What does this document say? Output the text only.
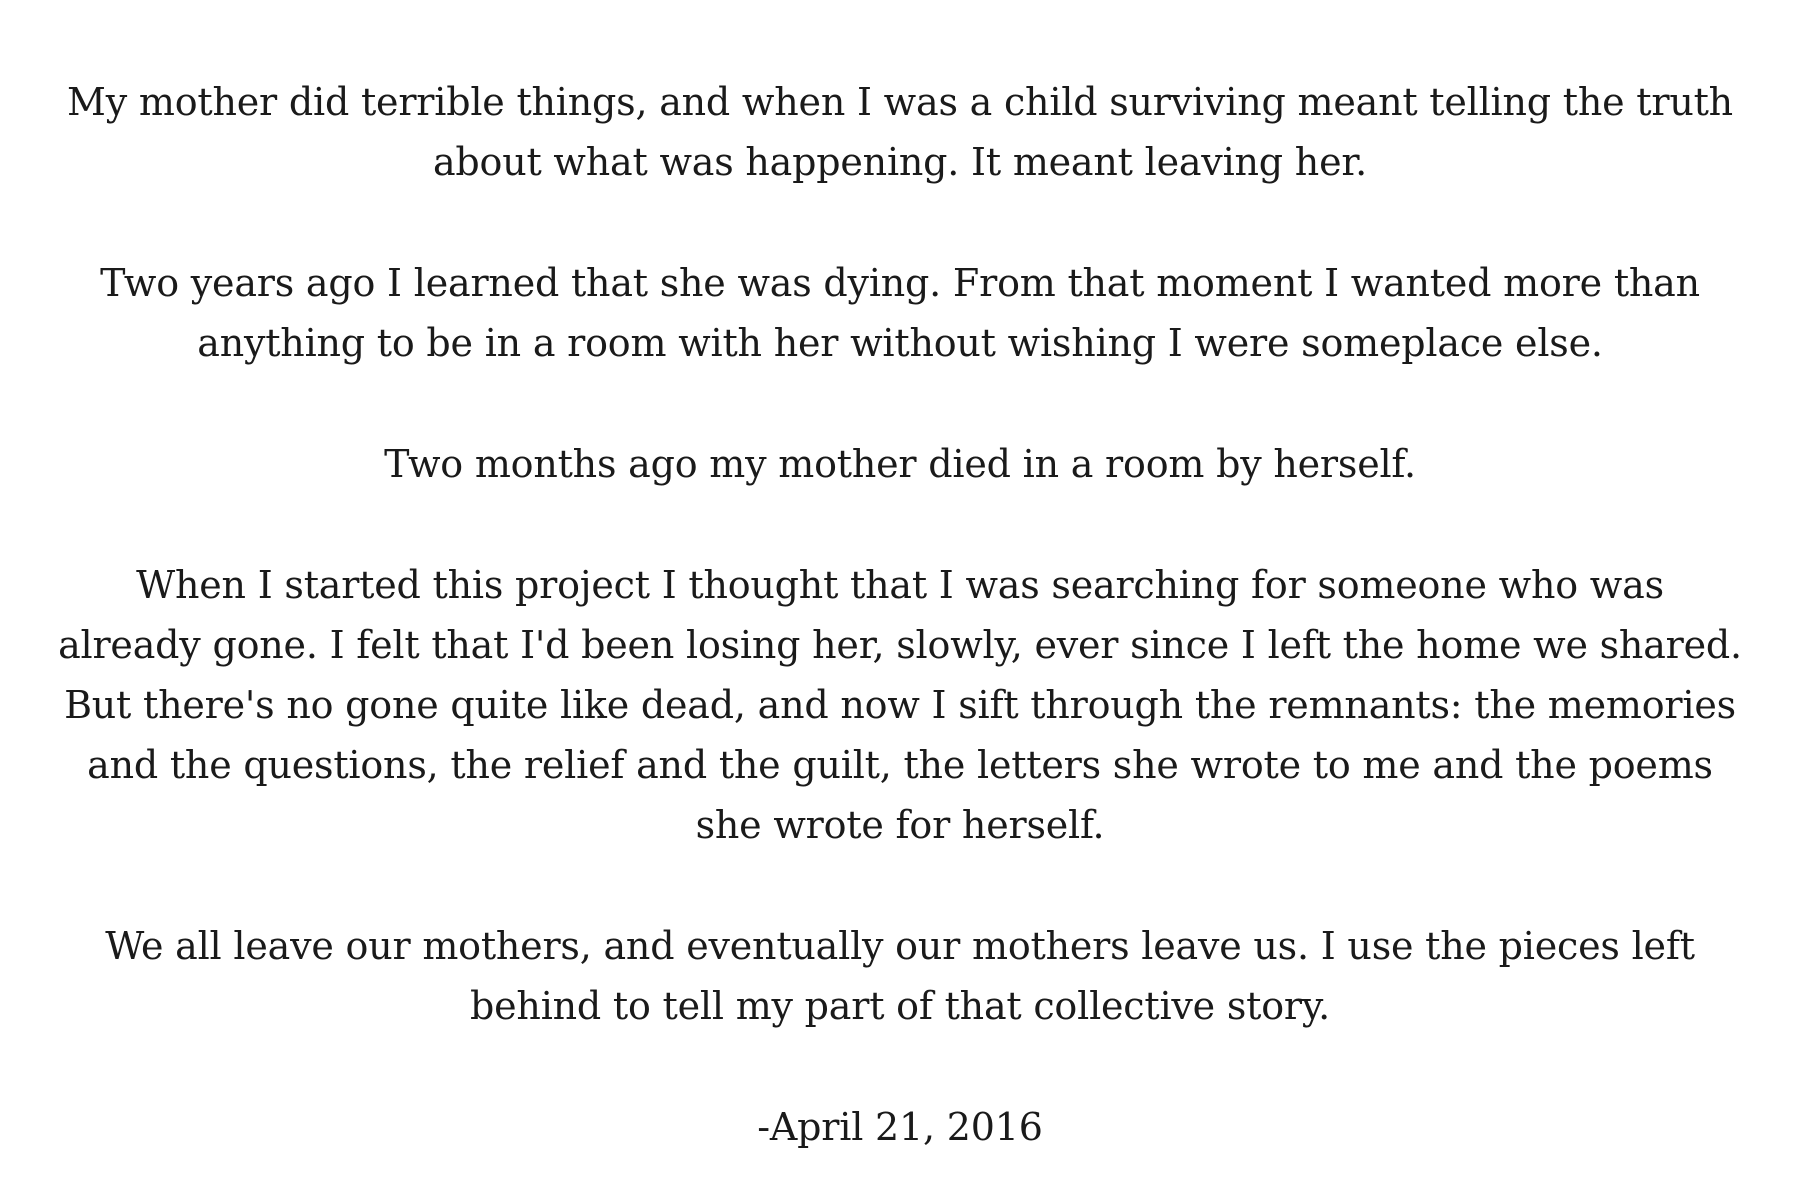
My mother did terrible things, and when I was a child surviving meant telling the truth
about what was happening. It meant leaving her.

Two years ago I learned that she was dying. From that moment I wanted more than
anything to be in a room with her without wishing I were someplace else.

Two months ago my mother died in a room by herself.

When I started this project I thought that I was searching for someone who was
already gone. I felt that I'd been losing her, slowly, ever since I left the home we shared.
But there's no gone quite like dead, and now I sift through the remnants: the memories
and the questions, the relief and the guilt, the letters she wrote to me and the poems
she wrote for herself.

We all leave our mothers, and eventually our mothers leave us. I use the pieces left
behind to tell my part of that collective story.

-April 21, 2016
